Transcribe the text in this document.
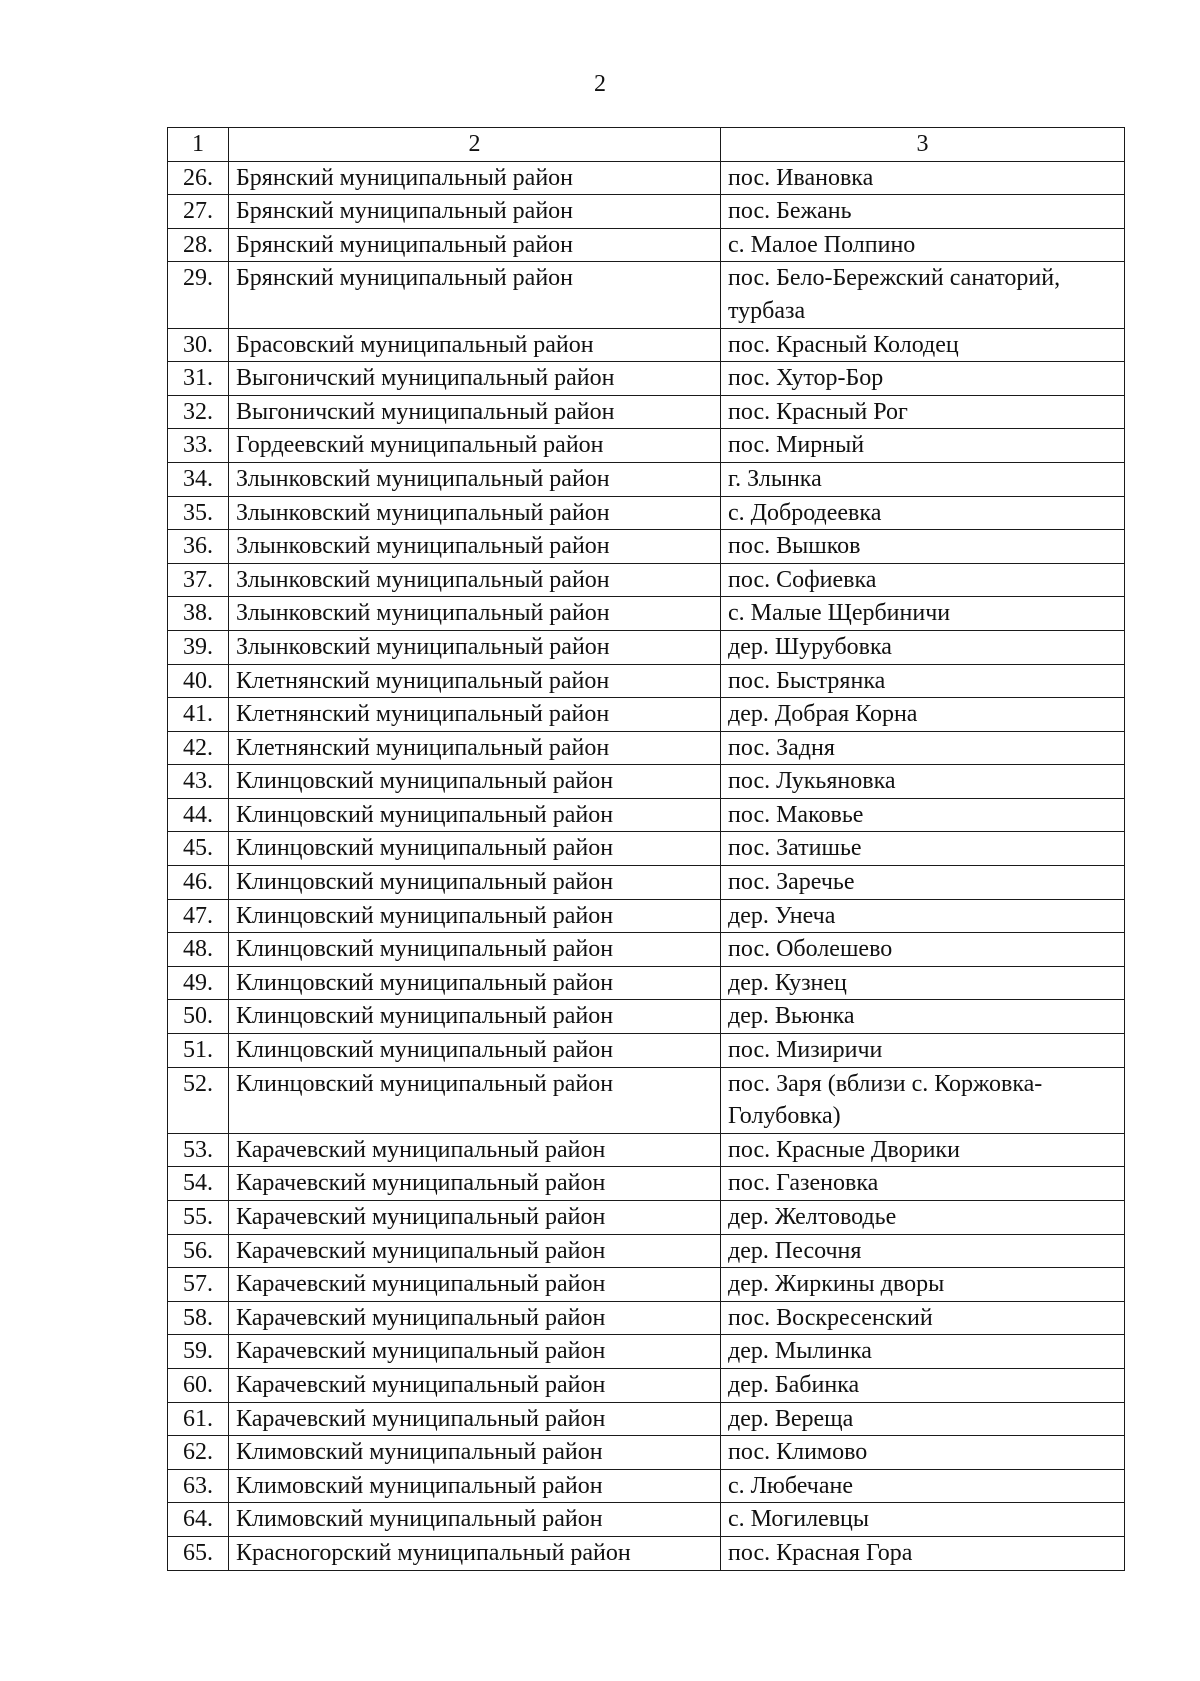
2
1	2	3
26.	Брянский муниципальный район	пос. Ивановка
27.	Брянский муниципальный район	пос. Бежань
28.	Брянский муниципальный район	с. Малое Полпино
29.	Брянский муниципальный район	пос. Бело-Бережский санаторий, турбаза
30.	Брасовский муниципальный район	пос. Красный Колодец
31.	Выгоничский муниципальный район	пос. Хутор-Бор
32.	Выгоничский муниципальный район	пос. Красный Рог
33.	Гордеевский муниципальный район	пос. Мирный
34.	Злынковский муниципальный район	г. Злынка
35.	Злынковский муниципальный район	с. Добродеевка
36.	Злынковский муниципальный район	пос. Вышков
37.	Злынковский муниципальный район	пос. Софиевка
38.	Злынковский муниципальный район	с. Малые Щербиничи
39.	Злынковский муниципальный район	дер. Шурубовка
40.	Клетнянский муниципальный район	пос. Быстрянка
41.	Клетнянский муниципальный район	дер. Добрая Корна
42.	Клетнянский муниципальный район	пос. Задня
43.	Клинцовский муниципальный район	пос. Лукьяновка
44.	Клинцовский муниципальный район	пос. Маковье
45.	Клинцовский муниципальный район	пос. Затишье
46.	Клинцовский муниципальный район	пос. Заречье
47.	Клинцовский муниципальный район	дер. Унеча
48.	Клинцовский муниципальный район	пос. Оболешево
49.	Клинцовский муниципальный район	дер. Кузнец
50.	Клинцовский муниципальный район	дер. Вьюнка
51.	Клинцовский муниципальный район	пос. Мизиричи
52.	Клинцовский муниципальный район	пос. Заря (вблизи с. Коржовка-Голубовка)
53.	Карачевский муниципальный район	пос. Красные Дворики
54.	Карачевский муниципальный район	пос. Газеновка
55.	Карачевский муниципальный район	дер. Желтоводье
56.	Карачевский муниципальный район	дер. Песочня
57.	Карачевский муниципальный район	дер. Жиркины дворы
58.	Карачевский муниципальный район	пос. Воскресенский
59.	Карачевский муниципальный район	дер. Мылинка
60.	Карачевский муниципальный район	дер. Бабинка
61.	Карачевский муниципальный район	дер. Вереща
62.	Климовский муниципальный район	пос. Климово
63.	Климовский муниципальный район	с. Любечане
64.	Климовский муниципальный район	с. Могилевцы
65.	Красногорский муниципальный район	пос. Красная Гора
